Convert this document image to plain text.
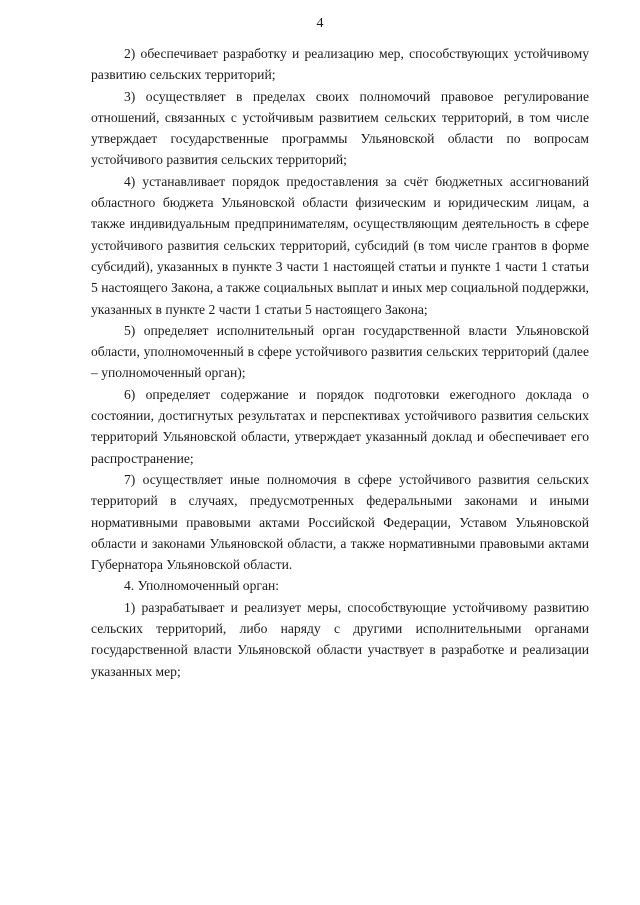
4

2) обеспечивает разработку и реализацию мер, способствующих устойчивому развитию сельских территорий;

3) осуществляет в пределах своих полномочий правовое регулирование отношений, связанных с устойчивым развитием сельских территорий, в том числе утверждает государственные программы Ульяновской области по вопросам устойчивого развития сельских территорий;

4) устанавливает порядок предоставления за счёт бюджетных ассигнований областного бюджета Ульяновской области физическим и юридическим лицам, а также индивидуальным предпринимателям, осуществляющим деятельность в сфере устойчивого развития сельских территорий, субсидий (в том числе грантов в форме субсидий), указанных в пункте 3 части 1 настоящей статьи и пункте 1 части 1 статьи 5 настоящего Закона, а также социальных выплат и иных мер социальной поддержки, указанных в пункте 2 части 1 статьи 5 настоящего Закона;

5) определяет исполнительный орган государственной власти Ульяновской области, уполномоченный в сфере устойчивого развития сельских территорий (далее – уполномоченный орган);

6) определяет содержание и порядок подготовки ежегодного доклада о состоянии, достигнутых результатах и перспективах устойчивого развития сельских территорий Ульяновской области, утверждает указанный доклад и обеспечивает его распространение;

7) осуществляет иные полномочия в сфере устойчивого развития сельских территорий в случаях, предусмотренных федеральными законами и иными нормативными правовыми актами Российской Федерации, Уставом Ульяновской области и законами Ульяновской области, а также нормативными правовыми актами Губернатора Ульяновской области.

4. Уполномоченный орган:

1) разрабатывает и реализует меры, способствующие устойчивому развитию сельских территорий, либо наряду с другими исполнительными органами государственной власти Ульяновской области участвует в разработке и реализации указанных мер;
